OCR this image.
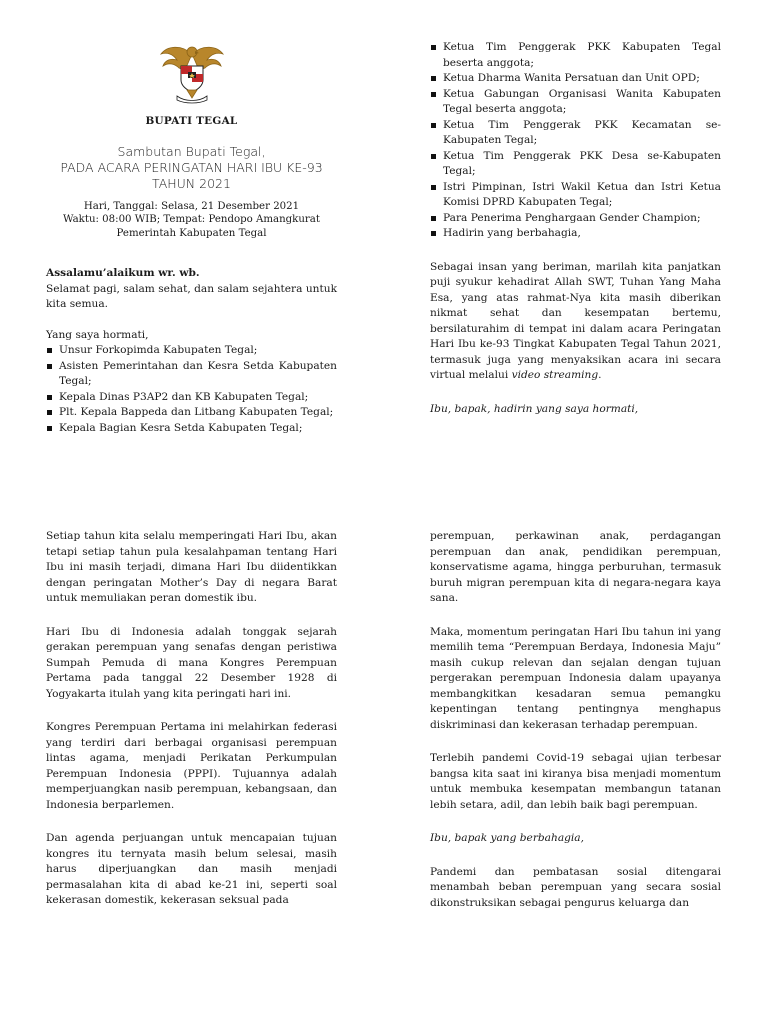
BUPATI TEGAL
Sambutan Bupati Tegal,
PADA ACARA PERINGATAN HARI IBU KE-93
TAHUN 2021
Hari, Tanggal: Selasa, 21 Desember 2021
Waktu: 08:00 WIB; Tempat: Pendopo Amangkurat
Pemerintah Kabupaten Tegal

Assalamu’alaikum wr. wb.

Selamat pagi, salam sehat, dan salam sejahtera untuk kita semua.

Yang saya hormati,

Unsur Forkopimda Kabupaten Tegal;
Asisten Pemerintahan dan Kesra Setda Kabupaten Tegal;
Kepala Dinas P3AP2 dan KB Kabupaten Tegal;
Plt. Kepala Bappeda dan Litbang Kabupaten Tegal;
Kepala Bagian Kesra Setda Kabupaten Tegal;
Ketua Tim Penggerak PKK Kabupaten Tegal beserta anggota;
Ketua Dharma Wanita Persatuan dan Unit OPD;
Ketua Gabungan Organisasi Wanita Kabupaten Tegal beserta anggota;
Ketua Tim Penggerak PKK Kecamatan se-Kabupaten Tegal;
Ketua Tim Penggerak PKK Desa se-Kabupaten Tegal;
Istri Pimpinan, Istri Wakil Ketua dan Istri Ketua Komisi DPRD Kabupaten Tegal;
Para Penerima Penghargaan Gender Champion;
Hadirin yang berbahagia,

Sebagai insan yang beriman, marilah kita panjatkan puji syukur kehadirat Allah SWT, Tuhan Yang Maha Esa, yang atas rahmat-Nya kita masih diberikan nikmat sehat dan kesempatan bertemu, bersilaturahim di tempat ini dalam acara Peringatan Hari Ibu ke-93 Tingkat Kabupaten Tegal Tahun 2021, termasuk juga yang menyaksikan acara ini secara virtual melalui video streaming.

Ibu, bapak, hadirin yang saya hormati,

Setiap tahun kita selalu memperingati Hari Ibu, akan tetapi setiap tahun pula kesalahpaman tentang Hari Ibu ini masih terjadi, dimana Hari Ibu diidentikkan dengan peringatan Mother’s Day di negara Barat untuk memuliakan peran domestik ibu.

Hari Ibu di Indonesia adalah tonggak sejarah gerakan perempuan yang senafas dengan peristiwa Sumpah Pemuda di mana Kongres Perempuan Pertama pada tanggal 22 Desember 1928 di Yogyakarta itulah yang kita peringati hari ini.

Kongres Perempuan Pertama ini melahirkan federasi yang terdiri dari berbagai organisasi perempuan lintas agama, menjadi Perikatan Perkumpulan Perempuan Indonesia (PPPI). Tujuannya adalah memperjuangkan nasib perempuan, kebangsaan, dan Indonesia berparlemen.

Dan agenda perjuangan untuk mencapaian tujuan kongres itu ternyata masih belum selesai, masih harus diperjuangkan dan masih menjadi permasalahan kita di abad ke-21 ini, seperti soal kekerasan domestik, kekerasan seksual pada

perempuan, perkawinan anak, perdagangan perempuan dan anak, pendidikan perempuan, konservatisme agama, hingga perburuhan, termasuk buruh migran perempuan kita di negara-negara kaya sana.

Maka, momentum peringatan Hari Ibu tahun ini yang memilih tema “Perempuan Berdaya, Indonesia Maju” masih cukup relevan dan sejalan dengan tujuan pergerakan perempuan Indonesia dalam upayanya membangkitkan kesadaran semua pemangku kepentingan tentang pentingnya menghapus diskriminasi dan kekerasan terhadap perempuan.

Terlebih pandemi Covid-19 sebagai ujian terbesar bangsa kita saat ini kiranya bisa menjadi momentum untuk membuka kesempatan membangun tatanan lebih setara, adil, dan lebih baik bagi perempuan.

Ibu, bapak yang berbahagia,

Pandemi dan pembatasan sosial ditengarai menambah beban perempuan yang secara sosial dikonstruksikan sebagai pengurus keluarga dan
